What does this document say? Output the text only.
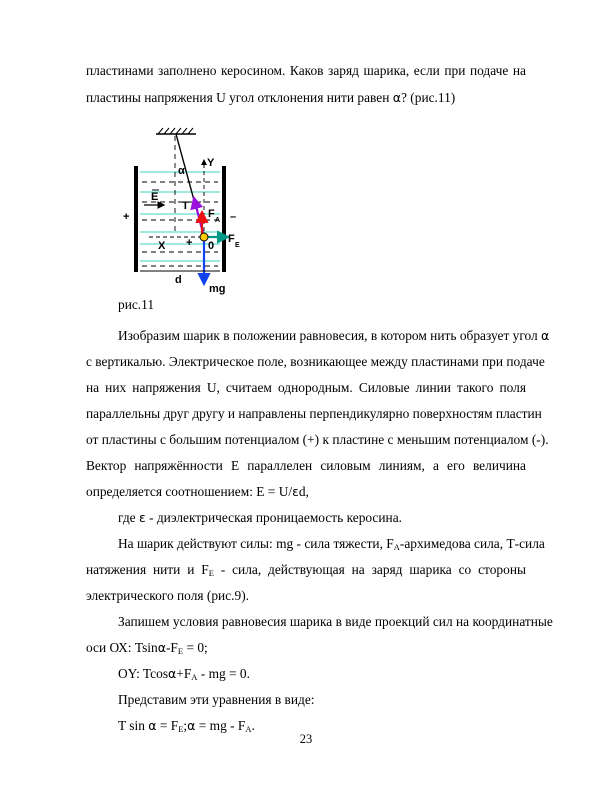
пластинами заполнено керосином. Каков заряд шарика, если при подаче на
пластины напряжения U угол отклонения нити равен α? (рис.11)
α
Y
E
T
F
A
+	–
X + 0
F
E
d
mg
рис.11
Изобразим шарик в положении равновесия, в котором нить образует угол α
с вертикалью. Электрическое поле, возникающее между пластинами при подаче
на них напряжения U, считаем однородным. Силовые линии такого поля
параллельны друг другу и направлены перпендикулярно поверхностям пластин
от пластины с большим потенциалом (+) к пластине с меньшим потенциалом (-).
Вектор напряжённости Е параллелен силовым линиям, а его величина
определяется соотношением: Е = U/εd,
где ε - диэлектрическая проницаемость керосина.
На шарик действуют силы: mg - сила тяжести, $F_A$-архимедова сила, Т-сила
натяжения нити и $F_E$ - сила, действующая на заряд шарика со стороны
электрического поля (рис.9).
Запишем условия равновесия шарика в виде проекций сил на координатные
оси ОХ: Tsinα-$F_E = 0$;
OY: $Tcos\alpha+F_A$ - mg = 0.
Представим эти уравнения в виде:
T $\sin \alpha = F_E;\alpha$ = mg - $F_A$.
23
